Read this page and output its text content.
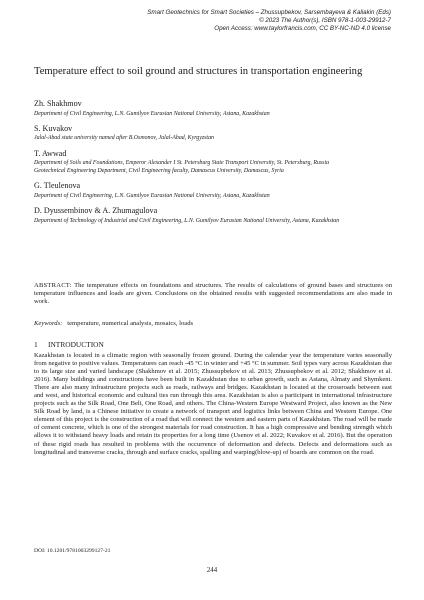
Smart Geotechnics for Smart Societies – Zhussupbekov, Sarsembayeva & Kaliakin (Eds)
© 2023 The Author(s), ISBN 978-1-003-29912-7
Open Access: www.taylorfrancis.com, CC BY-NC-ND 4.0 license
Temperature effect to soil ground and structures in transportation engineering
Zh. Shakhmov
Department of Civil Engineering, L.N. Gumilyov Eurasian National University, Astana, Kazakhstan
S. Kuvakov
Jalal-Abad state university named after B.Osmonov, Jalal-Abad, Kyrgyzstan
T. Awwad
Department of Soils and Foundations, Emperor Alexander I St. Petersburg State Transport University, St. Petersburg, Russia
Geotechnical Engineering Department, Civil Engineering faculty, Damascus University, Damascus, Syria
G. Tleulenova
Department of Civil Engineering, L.N. Gumilyov Eurasian National University, Astana, Kazakhstan
D. Dyussembinov & A. Zhumagulova
Department of Technology of Industrial and Civil Engineering, L.N. Gumilyov Eurasian National University, Astana, Kazakhstan
ABSTRACT: The temperature effects on foundations and structures. The results of calculations of ground bases and structures on temperature influences and loads are given. Conclusions on the obtained results with suggested recommendations are also made in work.
Keywords: temperature, numerical analysis, mosaics, loads
1 INTRODUCTION
Kazakhstan is located in a climatic region with seasonally frozen ground. During the calendar year the temperature varies seasonally from negative to positive values. Temperatures can reach -45 °C in winter and +45 °C in summer. Soil types vary across Kazakhstan due to its large size and varied landscape (Shakhmov et al. 2015; Zhussupbekov et al. 2013; Zhussupbekov et al. 2012; Shakhmov et al. 2016). Many buildings and constructions have been built in Kazakhstan due to urban growth, such as Astana, Almaty and Shymkent. There are also many infrastructure projects such as roads, railways and bridges. Kazakhstan is located at the crossroads between east and west, and historical economic and cultural ties run through this area. Kazakhstan is also a participant in international infrastructure projects such as the Silk Road, One Belt, One Road, and others. The China-Western Europe Westward Project, also known as the New Silk Road by land, is a Chinese initiative to create a network of transport and logistics links between China and Western Europe. One element of this project is the construction of a road that will connect the western and eastern parts of Kazakhstan. The road will be made of cement concrete, which is one of the strongest materials for road construction. It has a high compressive and bending strength which allows it to withstand heavy loads and retain its properties for a long time (Usenov et al. 2022; Kuvakov et al. 2016). But the operation of these rigid roads has resulted in problems with the occurrence of deformation and defects. Defects and deformations such as longitudinal and transverse cracks, through and surface cracks, spalling and warping(blow-up) of boards are common on the road.
DOI: 10.1201/9781003299127-21
244
